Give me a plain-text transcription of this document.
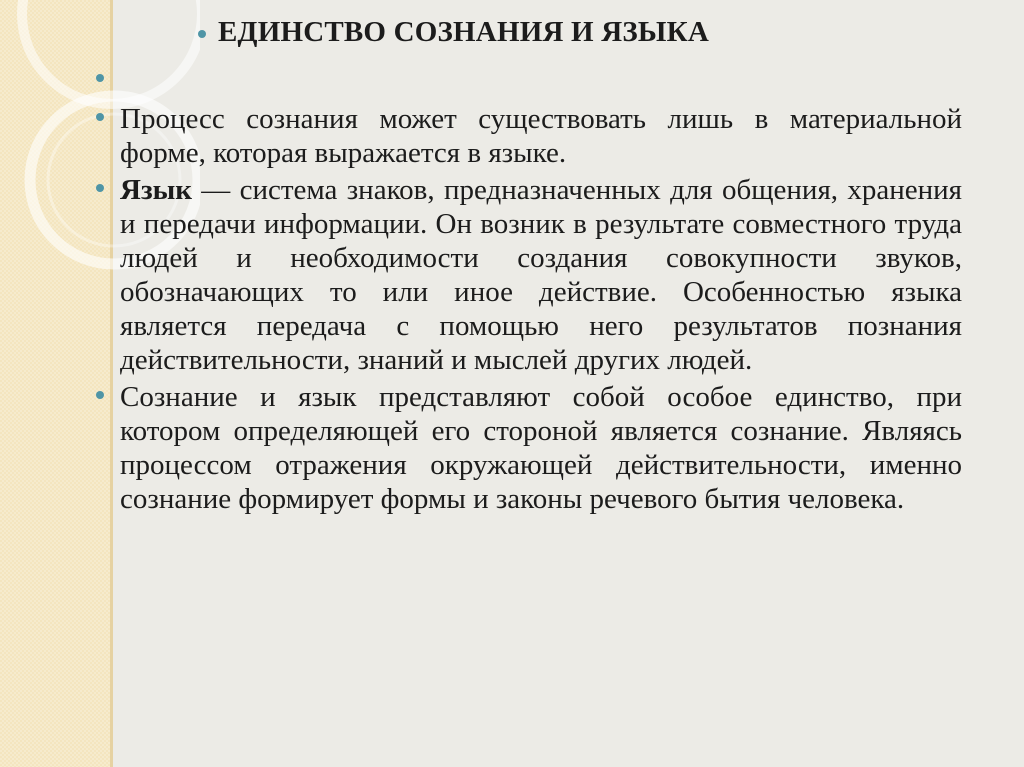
ЕДИНСТВО СОЗНАНИЯ И ЯЗЫКА
Процесс сознания может существовать лишь в материальной форме, которая выражается в языке.
Язык — система знаков, предназначенных для общения, хранения и передачи информации. Он возник в результате совместного труда людей и необходимости создания совокупности звуков, обозначающих то или иное действие. Особенностью языка является передача с помощью него результатов познания действительности, знаний и мыслей других людей.
Сознание и язык представляют собой особое единство, при котором определяющей его стороной является сознание. Являясь процессом отражения окружающей действительности, именно сознание формирует формы и законы речевого бытия человека.
